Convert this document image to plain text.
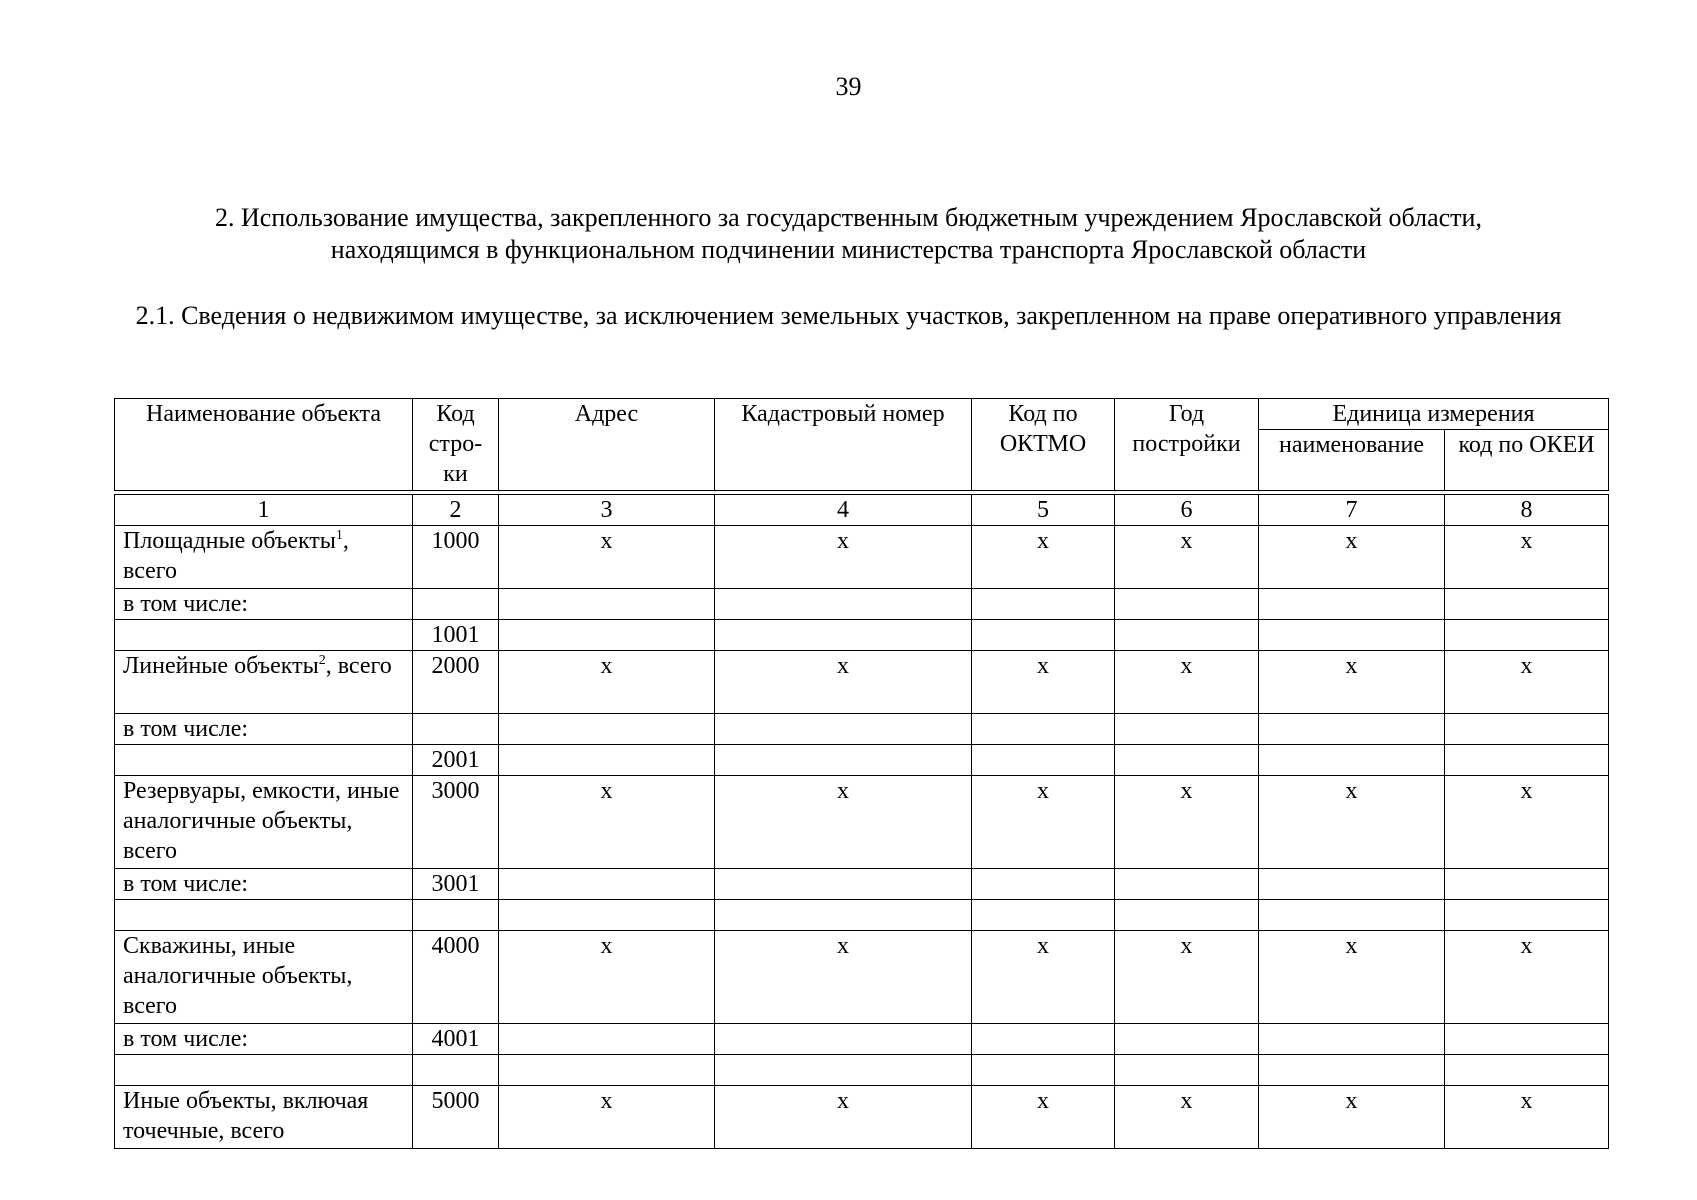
39
2. Использование имущества, закрепленного за государственным бюджетным учреждением Ярославской области,
находящимся в функциональном подчинении министерства транспорта Ярославской области
2.1. Сведения о недвижимом имуществе, за исключением земельных участков, закрепленном на праве оперативного управления
Наименование объекта	Код стро-ки	Адрес	Кадастровый номер	Код по ОКТМО	Год постройки	Единица измерения	
						наименование	код по ОКЕИ

1	2	3	4	5	6	7	8
Площадные объекты$^1$, всего	1000	x	x	x	x	x	x
в том числе:							
	1001						
Линейные объекты$^2$, всего	2000	x	x	x	x	x	x
в том числе:							
	2001						
Резервуары, емкости, иные аналогичные объекты, всего	3000	x	x	x	x	x	x
в том числе:	3001						

Скважины, иные аналогичные объекты, всего	4000	x	x	x	x	x	x
в том числе:	4001						

Иные объекты, включая точечные, всего	5000	x	x	x	x	x	x
